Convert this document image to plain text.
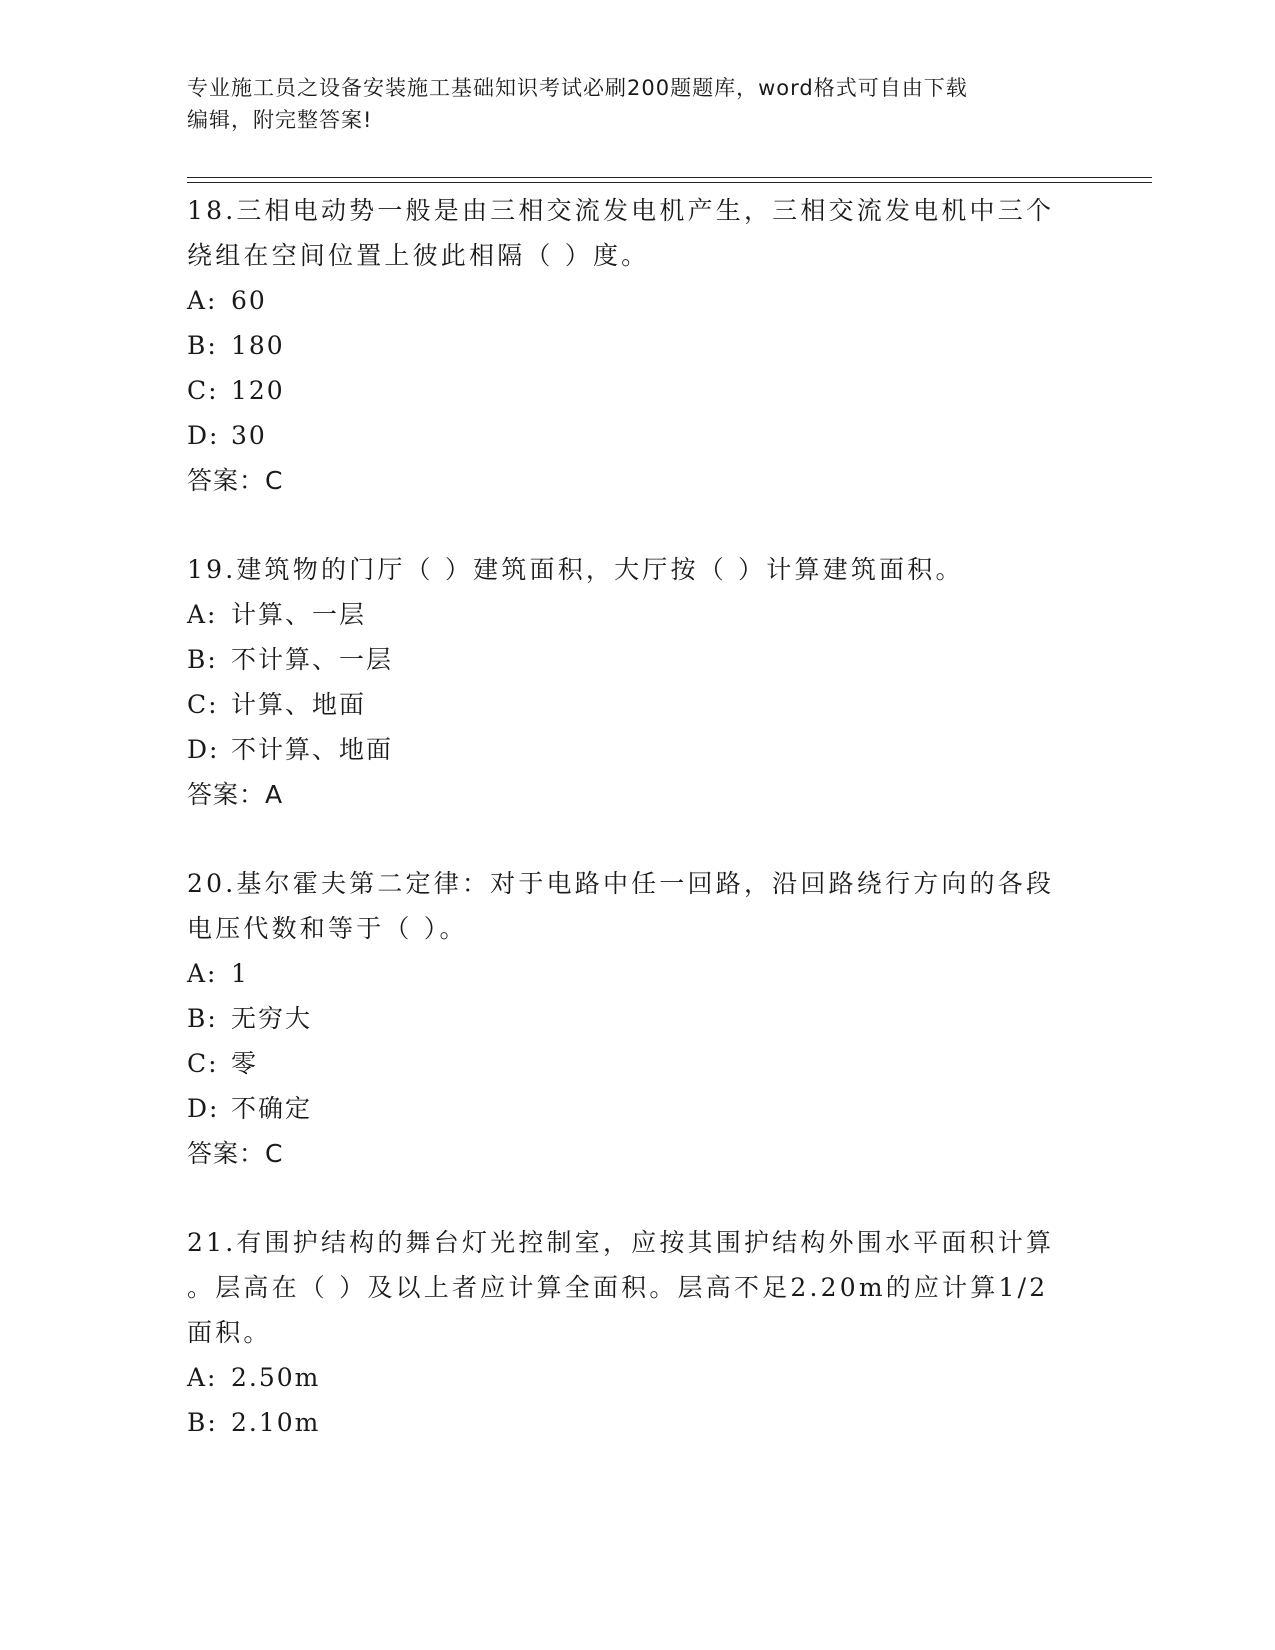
专业施工员之设备安装施工基础知识考试必刷200题题库，word格式可自由下载
编辑，附完整答案!

18.三相电动势一般是由三相交流发电机产生，三相交流发电机中三个

绕组在空间位置上彼此相隔（ ）度。

A: 60

B: 180

C: 120

D: 30

答案：C

19.建筑物的门厅（ ）建筑面积，大厅按（ ）计算建筑面积。

A: 计算、一层

B: 不计算、一层

C: 计算、地面

D: 不计算、地面

答案：A

20.基尔霍夫第二定律：对于电路中任一回路，沿回路绕行方向的各段

电压代数和等于（ ）。

A: 1

B: 无穷大

C: 零

D: 不确定

答案：C

21.有围护结构的舞台灯光控制室，应按其围护结构外围水平面积计算

。层高在（ ）及以上者应计算全面积。层高不足2.20m的应计算1/2

面积。

A: 2.50m

B: 2.10m
